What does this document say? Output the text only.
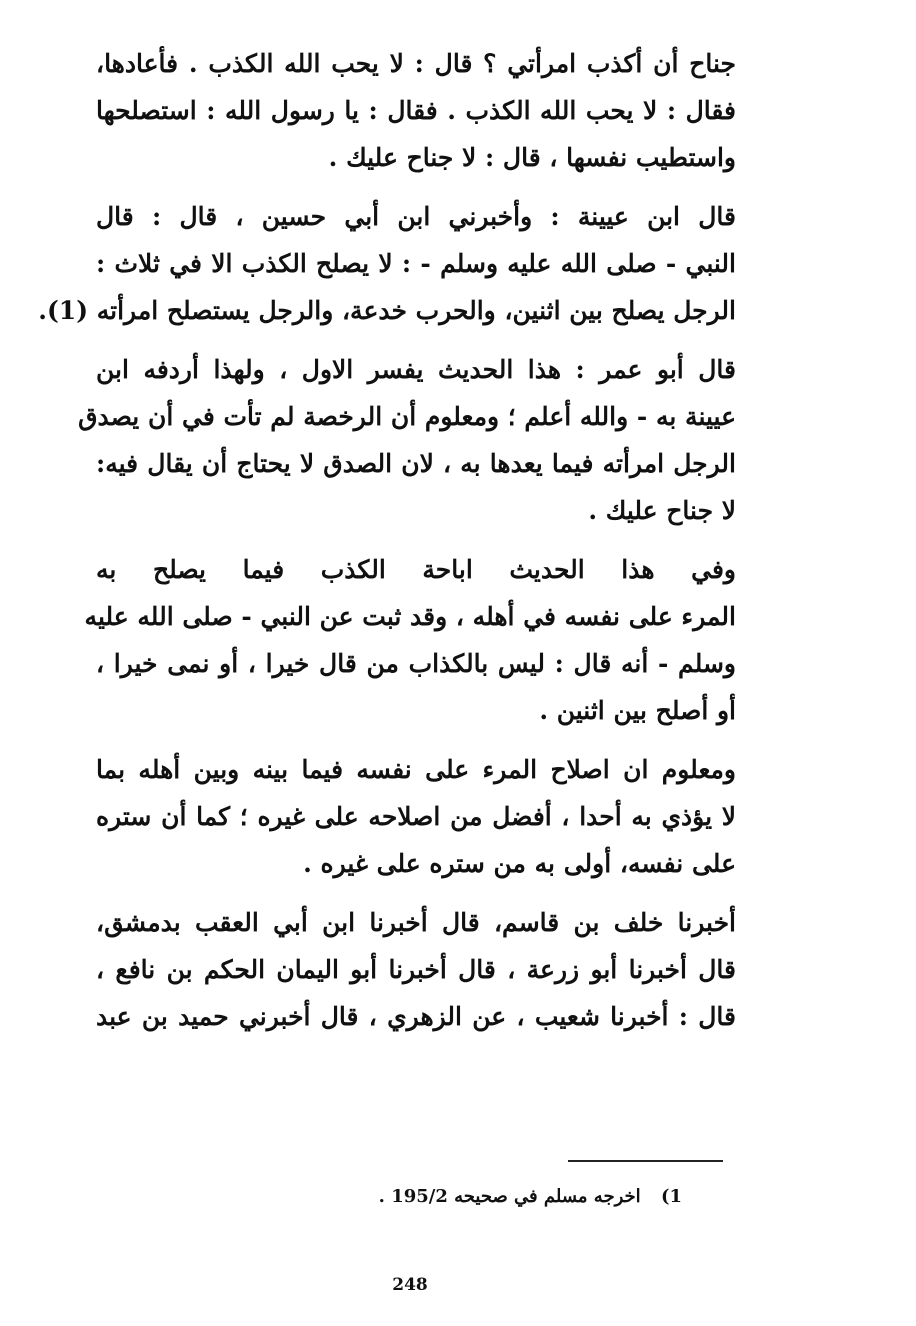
جناح أن أكذب امرأتي ؟ قال : لا يحب الله الكذب . فأعادها،
فقال : لا يحب الله الكذب . فقال : يا رسول الله : استصلحها
واستطيب نفسها ، قال : لا جناح عليك .
قال ابن عيينة : وأخبرني ابن أبي حسين ، قال : قال
النبي - صلى الله عليه وسلم - : لا يصلح الكذب الا في ثلاث :
الرجل يصلح بين اثنين، والحرب خدعة، والرجل يستصلح امرأته (1).
قال أبو عمر : هذا الحديث يفسر الاول ، ولهذا أردفه ابن
عيينة به - والله أعلم ؛ ومعلوم أن الرخصة لم تأت في أن يصدق
الرجل امرأته فيما يعدها به ، لان الصدق لا يحتاج أن يقال فيه:
لا جناح عليك .
وفي هذا الحديث اباحة الكذب فيما يصلح به
المرء على نفسه في أهله ، وقد ثبت عن النبي - صلى الله عليه
وسلم - أنه قال : ليس بالكذاب من قال خيرا ، أو نمى خيرا ،
أو أصلح بين اثنين .
ومعلوم ان اصلاح المرء على نفسه فيما بينه وبين أهله بما
لا يؤذي به أحدا ، أفضل من اصلاحه على غيره ؛ كما أن ستره
على نفسه، أولى به من ستره على غيره .
أخبرنا خلف بن قاسم، قال أخبرنا ابن أبي العقب بدمشق،
قال أخبرنا أبو زرعة ، قال أخبرنا أبو اليمان الحكم بن نافع ،
قال : أخبرنا شعيب ، عن الزهري ، قال أخبرني حميد بن عبد
1) اخرجه مسلم في صحيحه 195/2 .
248
